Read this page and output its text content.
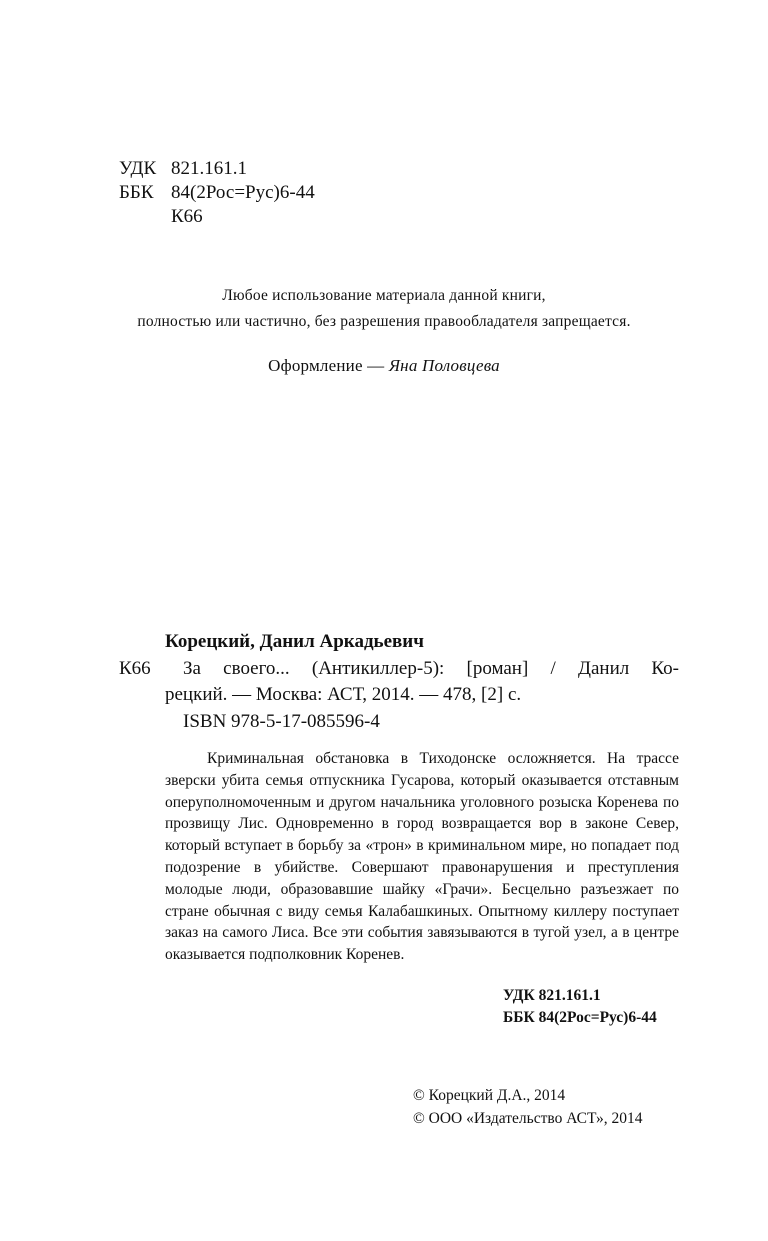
УДК 821.161.1
ББК 84(2Рос=Рус)6-44
К66
Любое использование материала данной книги,
полностью или частично, без разрешения правообладателя запрещается.
Оформление — Яна Половцева
Корецкий, Данил Аркадьевич
К66 За своего... (Антикиллер-5): [роман] / Данил Ко-
рецкий. — Москва: АСТ, 2014. — 478, [2] с.
ISBN 978-5-17-085596-4
Криминальная обстановка в Тиходонске осложняется. На трассе зверски убита семья отпускника Гусарова, который оказывается отставным оперуполномоченным и другом начальника уголовного розыска Коренева по прозвищу Лис. Одновременно в город возвращается вор в законе Север, который вступает в борьбу за «трон» в криминальном мире, но попадает под подозрение в убийстве. Совершают правонарушения и преступления молодые люди, образовавшие шайку «Грачи». Бесцельно разъезжает по стране обычная с виду семья Калабашкиных. Опытному киллеру поступает заказ на самого Лиса. Все эти события завязываются в тугой узел, а в центре оказывается подполковник Коренев.
УДК 821.161.1
ББК 84(2Рос=Рус)6-44
© Корецкий Д.А., 2014
© ООО «Издательство АСТ», 2014
